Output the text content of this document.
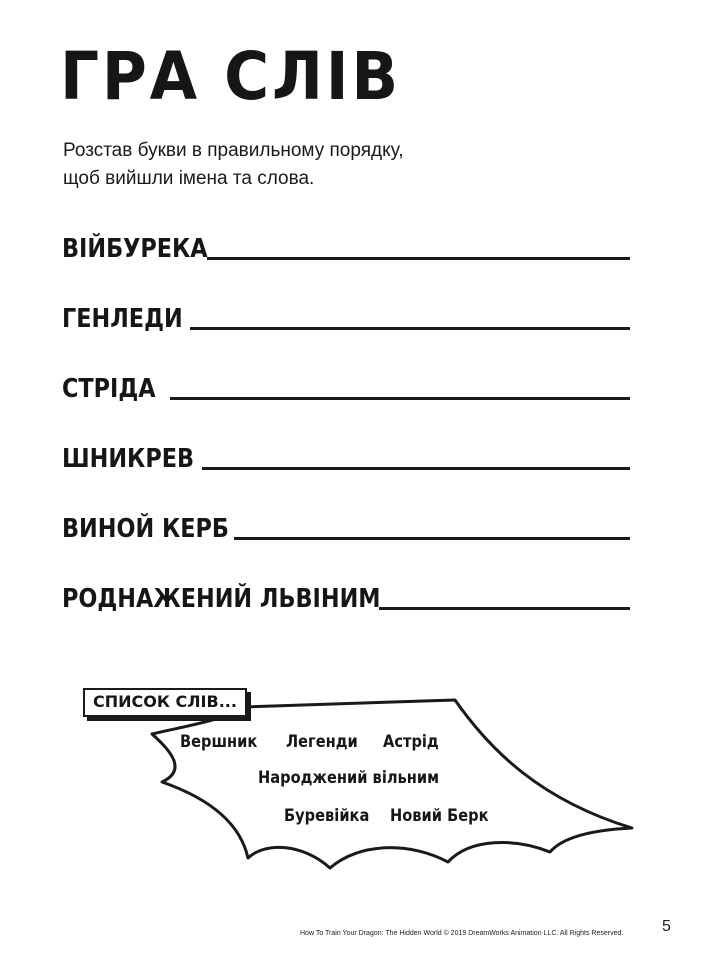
ГРА СЛІВ
Розстав букви в правильному порядку,
щоб вийшли імена та слова.
ВІЙБУРЕКА
ГЕНЛЕДИ
СТРІДА
ШНИКРЕВ
ВИНОЙ КЕРБ
РОДНАЖЕНИЙ ЛЬВІНИМ
СПИСОК СЛІВ...
Вершник Легенди Астрід
Народжений вільним
Буревійка Новий Берк
How To Train Your Dragon: The Hidden World © 2019 DreamWorks Animation LLC. All Rights Reserved. 5
